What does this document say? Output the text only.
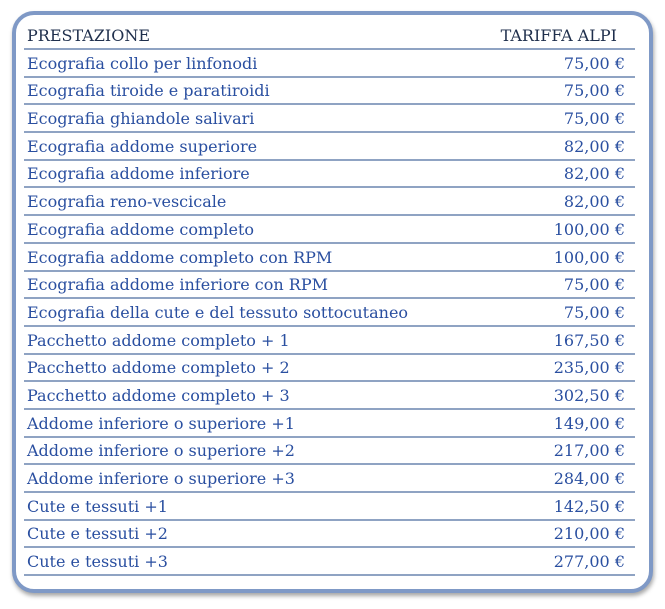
PRESTAZIONE	TARIFFA ALPI
Ecografia collo per linfonodi	75,00 €
Ecografia tiroide e paratiroidi	75,00 €
Ecografia ghiandole salivari	75,00 €
Ecografia addome superiore	82,00 €
Ecografia addome inferiore	82,00 €
Ecografia reno-vescicale	82,00 €
Ecografia addome completo	100,00 €
Ecografia addome completo con RPM	100,00 €
Ecografia addome inferiore con RPM	75,00 €
Ecografia della cute e del tessuto sottocutaneo	75,00 €
Pacchetto addome completo + 1	167,50 €
Pacchetto addome completo + 2	235,00 €
Pacchetto addome completo + 3	302,50 €
Addome inferiore o superiore +1	149,00 €
Addome inferiore o superiore +2	217,00 €
Addome inferiore o superiore +3	284,00 €
Cute e tessuti +1	142,50 €
Cute e tessuti +2	210,00 €
Cute e tessuti +3	277,00 €
